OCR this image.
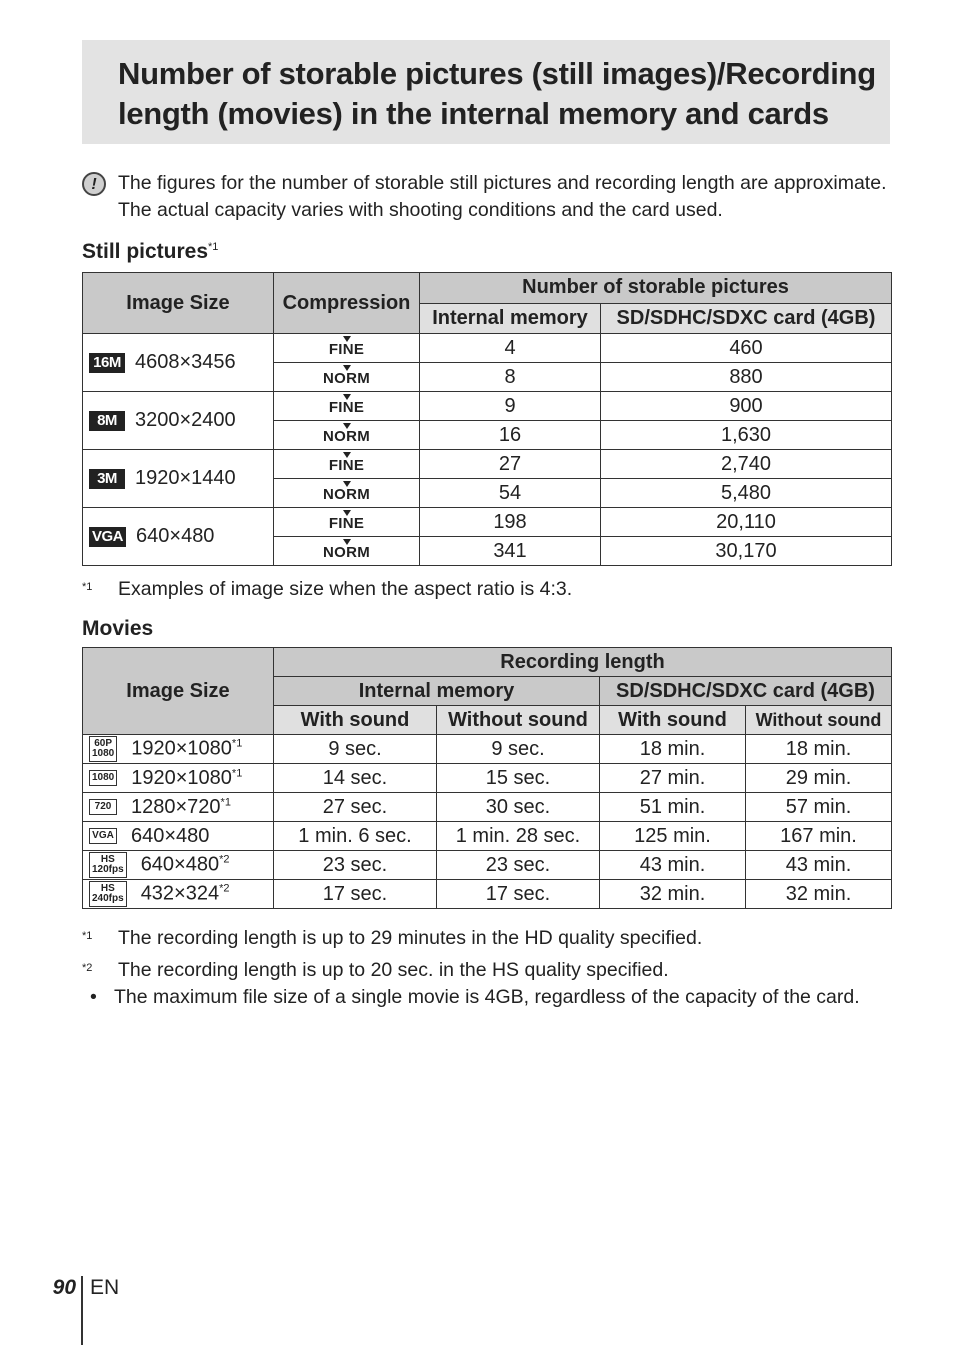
Number of storable pictures (still images)/Recording length (movies) in the internal memory and cards
!	The figures for the number of storable still pictures and recording length are approximate. The actual capacity varies with shooting conditions and the card used.
Still pictures$^{*1}$
Image Size	Compression	Number of storable pictures	
		Internal memory	SD/SDHC/SDXC card (4GB)
16M 4608×3456	FINE	4	460
	NORM	8	880
8M 3200×2400	FINE	9	900
	NORM	16	1,630
3M 1920×1440	FINE	27	2,740
	NORM	54	5,480
VGA 640×480	FINE	198	20,110
	NORM	341	30,170
*1 Examples of image size when the aspect ratio is 4:3.
Movies
Image Size	Recording length			
	Internal memory		SD/SDHC/SDXC card (4GB)	
	With sound	Without sound	With sound	Without sound

60P
1080 $1920\times 1080^{*1}$	9 sec.	9 sec.	18 min.	18 min.

1080 $1920\times 1080^{*1}$	14 sec.	15 sec.	27 min.	29 min.

720 $1280\times 720^{*1}$	27 sec.	30 sec.	51 min.	57 min.

VGA 640×480	1 min. 6 sec.	1 min. 28 sec.	125 min.	167 min.

HS
120fps $640\times 480^{*2}$	23 sec.	23 sec.	43 min.	43 min.

HS
240fps $432\times 324^{*2}$	17 sec.	17 sec.	32 min.	32 min.
*1 The recording length is up to 29 minutes in the HD quality specified.
*2 The recording length is up to 20 sec. in the HS quality specified.
• The maximum file size of a single movie is 4GB, regardless of the capacity of the card.
90 EN
